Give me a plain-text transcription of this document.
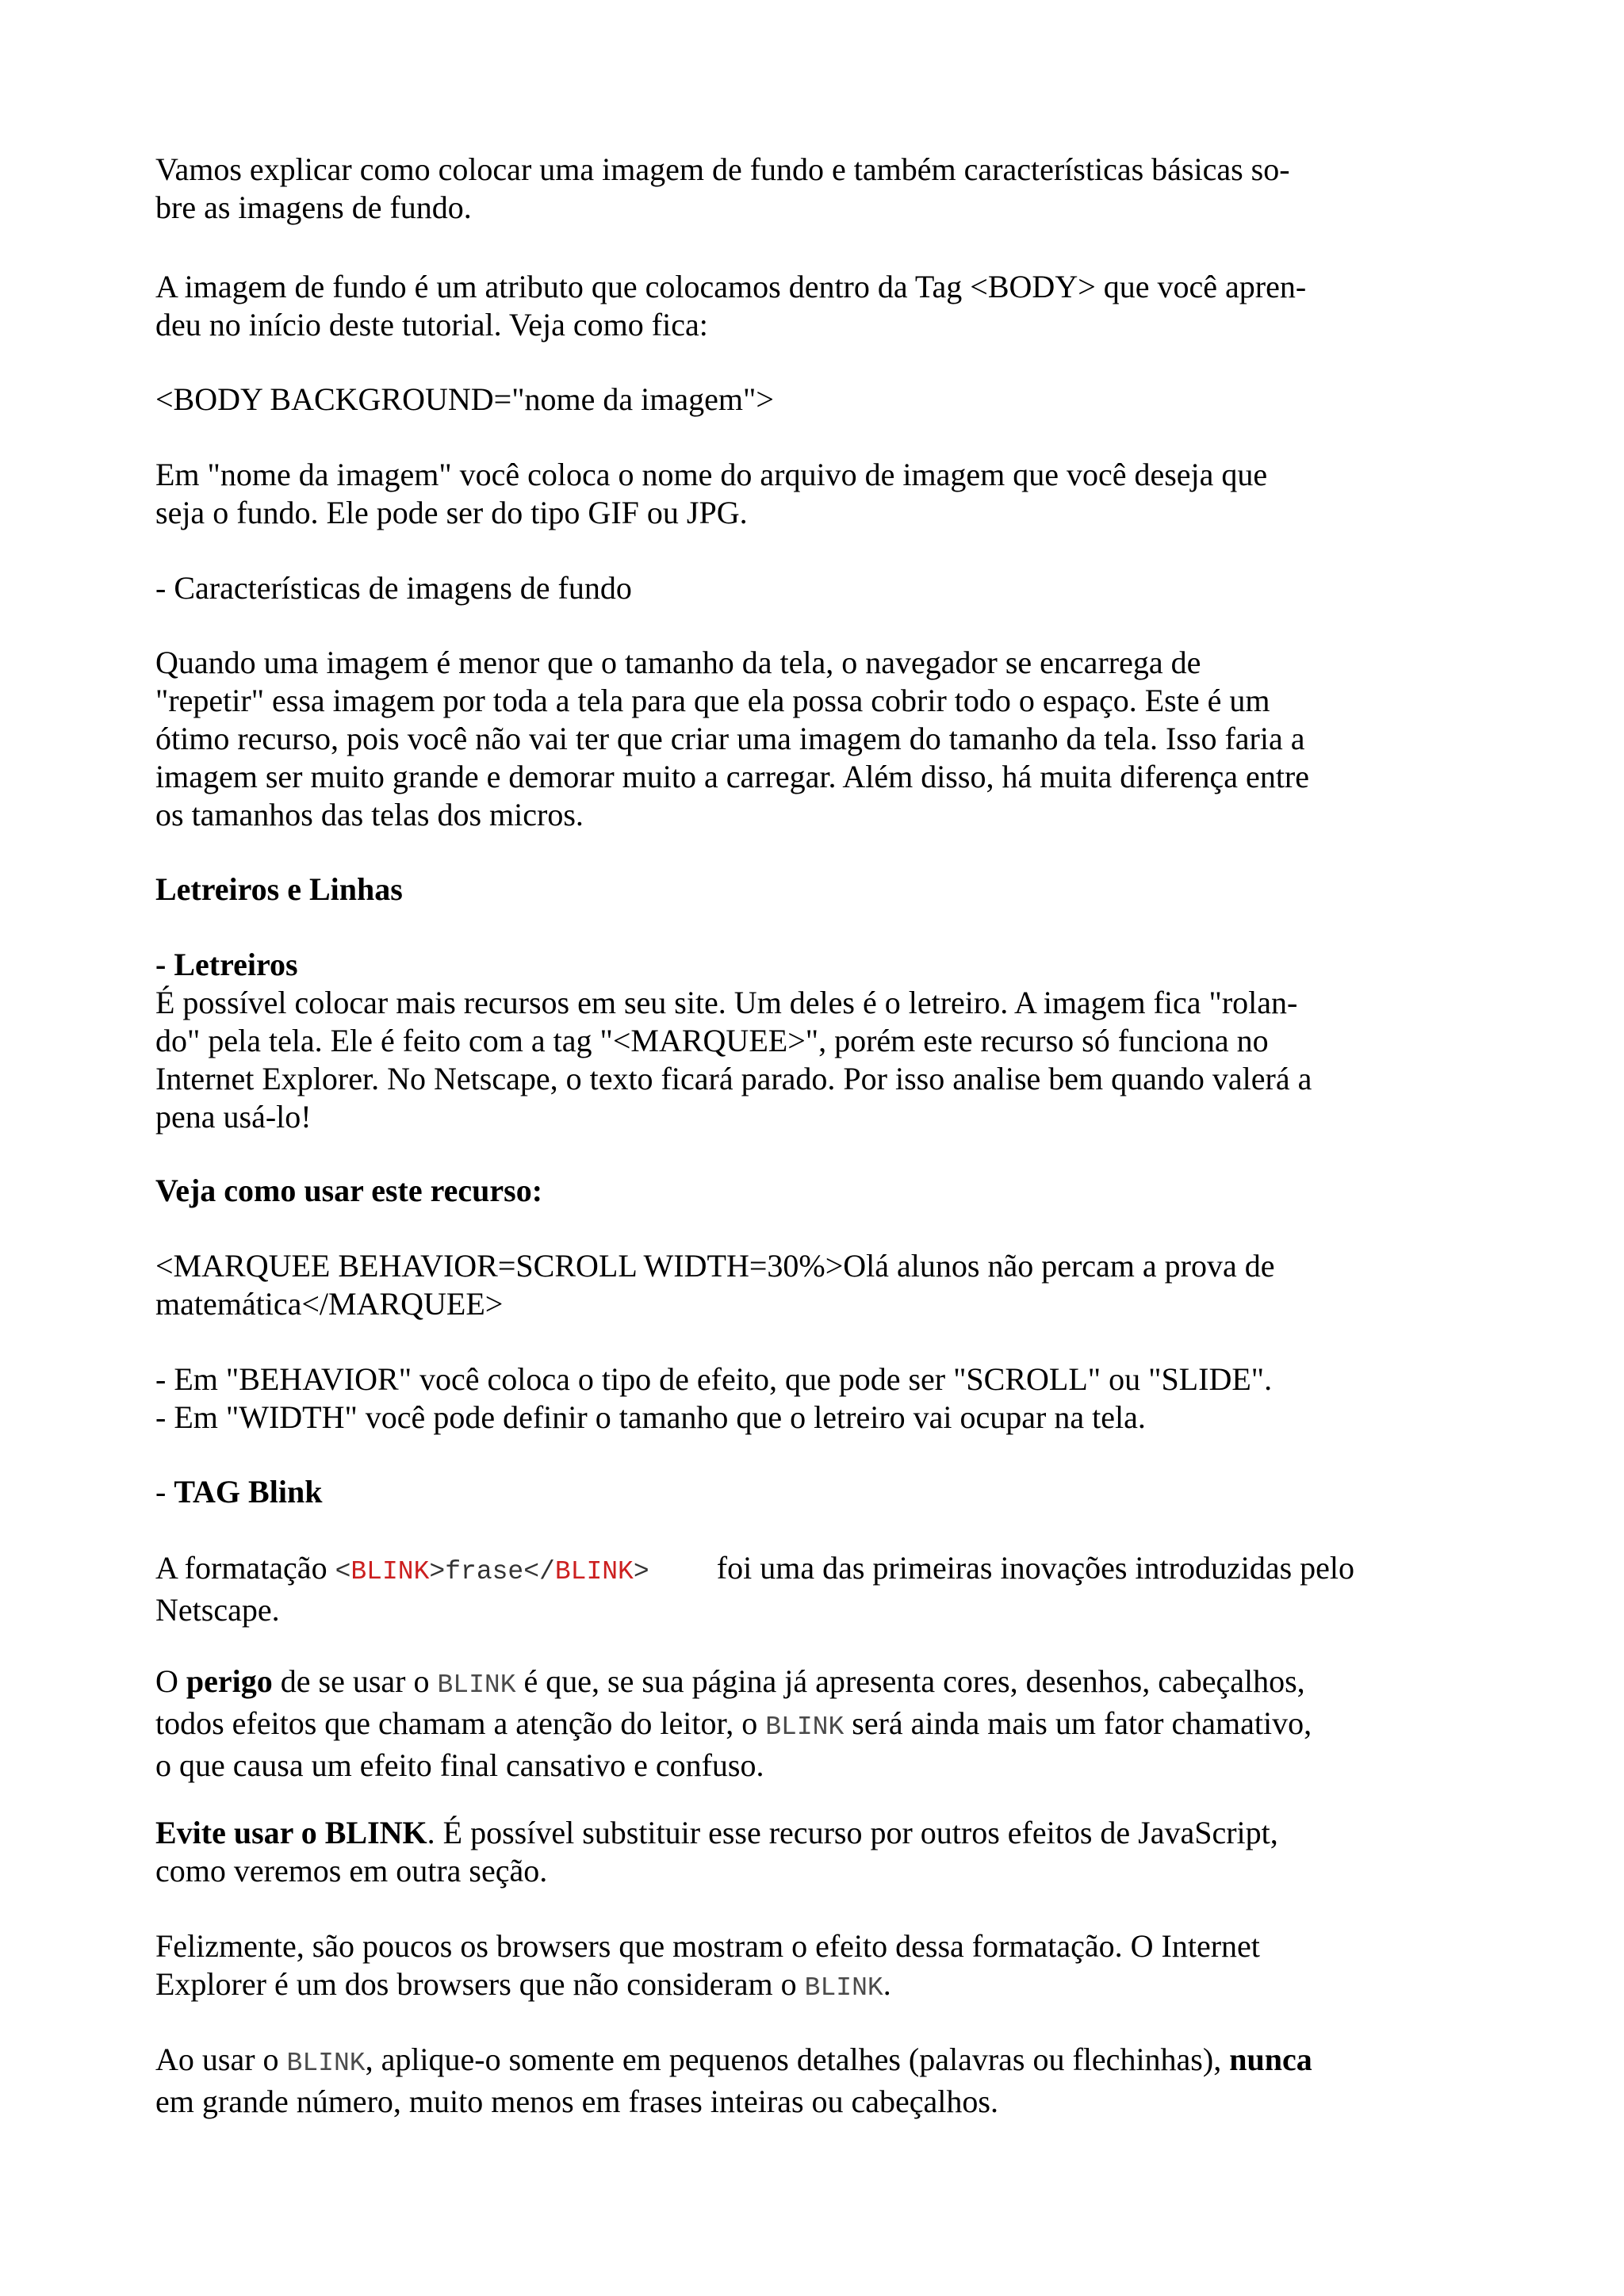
Vamos explicar como colocar uma imagem de fundo e também características básicas so-
bre as imagens de fundo.

A imagem de fundo é um atributo que colocamos dentro da Tag <BODY> que você apren-
deu no início deste tutorial. Veja como fica:

<BODY BACKGROUND="nome da imagem">

Em "nome da imagem" você coloca o nome do arquivo de imagem que você deseja que
seja o fundo. Ele pode ser do tipo GIF ou JPG.

- Características de imagens de fundo

Quando uma imagem é menor que o tamanho da tela, o navegador se encarrega de
"repetir" essa imagem por toda a tela para que ela possa cobrir todo o espaço. Este é um
ótimo recurso, pois você não vai ter que criar uma imagem do tamanho da tela. Isso faria a
imagem ser muito grande e demorar muito a carregar. Além disso, há muita diferença entre
os tamanhos das telas dos micros.

Letreiros e Linhas

- Letreiros

É possível colocar mais recursos em seu site. Um deles é o letreiro. A imagem fica "rolan-
do" pela tela. Ele é feito com a tag "<MARQUEE>", porém este recurso só funciona no
Internet Explorer. No Netscape, o texto ficará parado. Por isso analise bem quando valerá a
pena usá-lo!

Veja como usar este recurso:

<MARQUEE BEHAVIOR=SCROLL WIDTH=30%>Olá alunos não percam a prova de
matemática</MARQUEE>

- Em "BEHAVIOR" você coloca o tipo de efeito, que pode ser "SCROLL" ou "SLIDE".
- Em "WIDTH" você pode definir o tamanho que o letreiro vai ocupar na tela.

- TAG Blink

A formatação <BLINK>frase</BLINK> foi uma das primeiras inovações introduzidas pelo
Netscape.

O perigo de se usar o BLINK é que, se sua página já apresenta cores, desenhos, cabeçalhos,
todos efeitos que chamam a atenção do leitor, o BLINK será ainda mais um fator chamativo,
o que causa um efeito final cansativo e confuso.

Evite usar o BLINK. É possível substituir esse recurso por outros efeitos de JavaScript,
como veremos em outra seção.

Felizmente, são poucos os browsers que mostram o efeito dessa formatação. O Internet
Explorer é um dos browsers que não consideram o BLINK.

Ao usar o BLINK, aplique-o somente em pequenos detalhes (palavras ou flechinhas), nunca
em grande número, muito menos em frases inteiras ou cabeçalhos.
